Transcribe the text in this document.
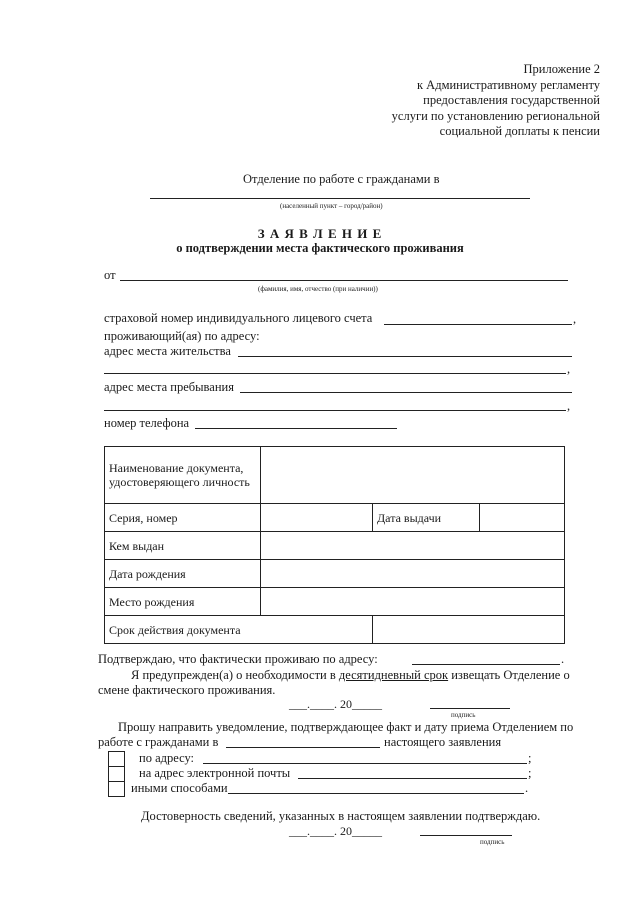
Приложение 2
к Административному регламенту
предоставления государственной
услуги по установлению региональной
социальной доплаты к пенсии
Отделение по работе с гражданами в
(населенный пункт – город/район)
З А Я В Л Е Н И Е
о подтверждении места фактического проживания
от
(фамилия, имя, отчество (при наличии))
страховой номер индивидуального лицевого счета	,
проживающий(ая) по адресу:
адрес места жительства
,
адрес места пребывания
,
номер телефона
Наименование документа, удостоверяющего личность			
Серия, номер		Дата выдачи	
Кем выдан			
Дата рождения			
Место рождения			
Срок действия документа			
Подтверждаю, что фактически проживаю по адресу:	.
Я предупрежден(а) о необходимости в десятидневный срок извещать Отделение о
смене фактического проживания.
___.____. 20_____
подпись
Прошу направить уведомление, подтверждающее факт и дату приема Отделением по
работе с гражданами в	настоящего заявления
по адресу:	;
на адрес электронной почты	;
иными способами	.
Достоверность сведений, указанных в настоящем заявлении подтверждаю.
___.____. 20_____
подпись
